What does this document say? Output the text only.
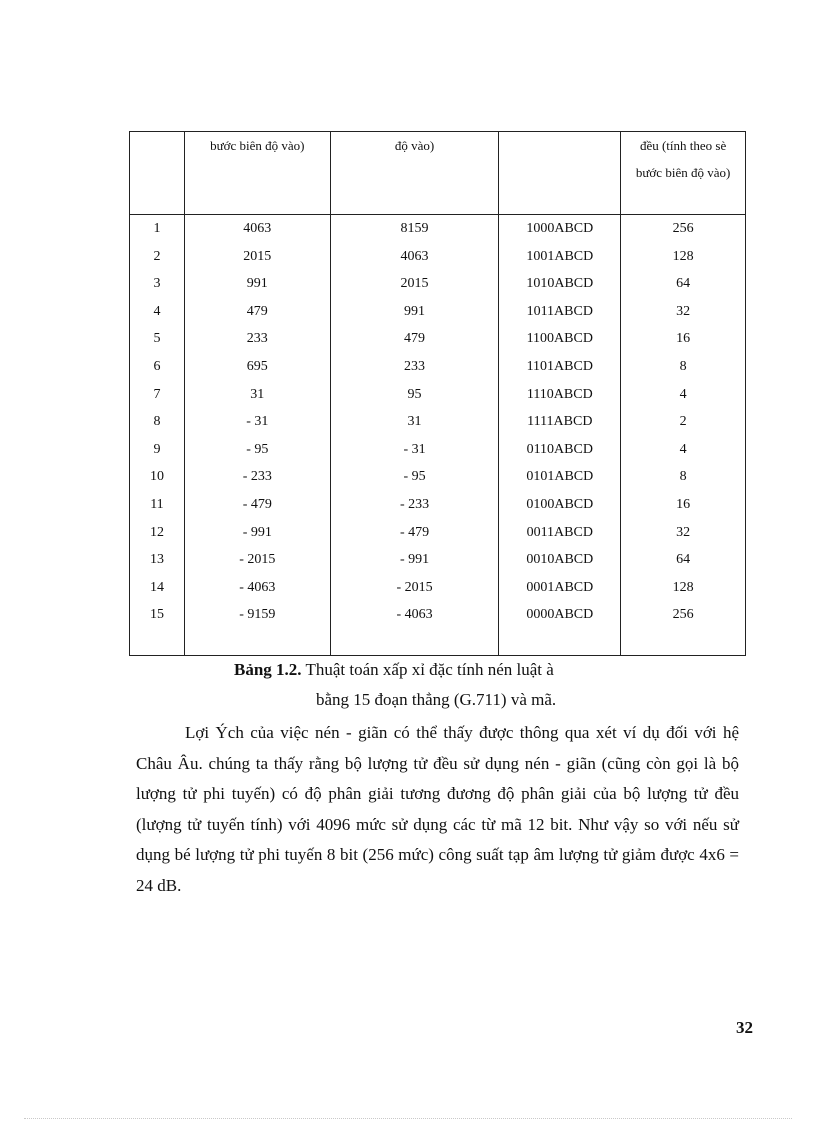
	bước biên độ vào)	độ vào)		đều (tính theo sè bước biên độ vào)
1	4063	8159	1000ABCD	256
2	2015	4063	1001ABCD	128
3	991	2015	1010ABCD	64
4	479	991	1011ABCD	32
5	233	479	1100ABCD	16
6	695	233	1101ABCD	8
7	31	95	1110ABCD	4
8	- 31	31	1111ABCD	2
9	- 95	- 31	0110ABCD	4
10	- 233	- 95	0101ABCD	8
11	- 479	- 233	0100ABCD	16
12	- 991	- 479	0011ABCD	32
13	- 2015	- 991	0010ABCD	64
14	- 4063	- 2015	0001ABCD	128
15	- 9159	- 4063	0000ABCD	256

Bảng 1.2. Thuật toán xấp xỉ đặc tính nén luật à
bằng 15 đoạn thẳng (G.711) và mã.

Lợi Ých của việc nén - giãn có thể thấy được thông qua xét ví dụ đối với hệ Châu Âu. chúng ta thấy rằng bộ lượng tử đều sử dụng nén - giãn (cũng còn gọi là bộ lượng tử phi tuyến) có độ phân giải tương đương độ phân giải của bộ lượng tử đều (lượng tử tuyến tính) với 4096 mức sử dụng các từ mã 12 bit. Như vậy so với nếu sử dụng bé lượng tử phi tuyến 8 bit (256 mức) công suất tạp âm lượng tử giảm được 4x6 = 24 dB.

32
